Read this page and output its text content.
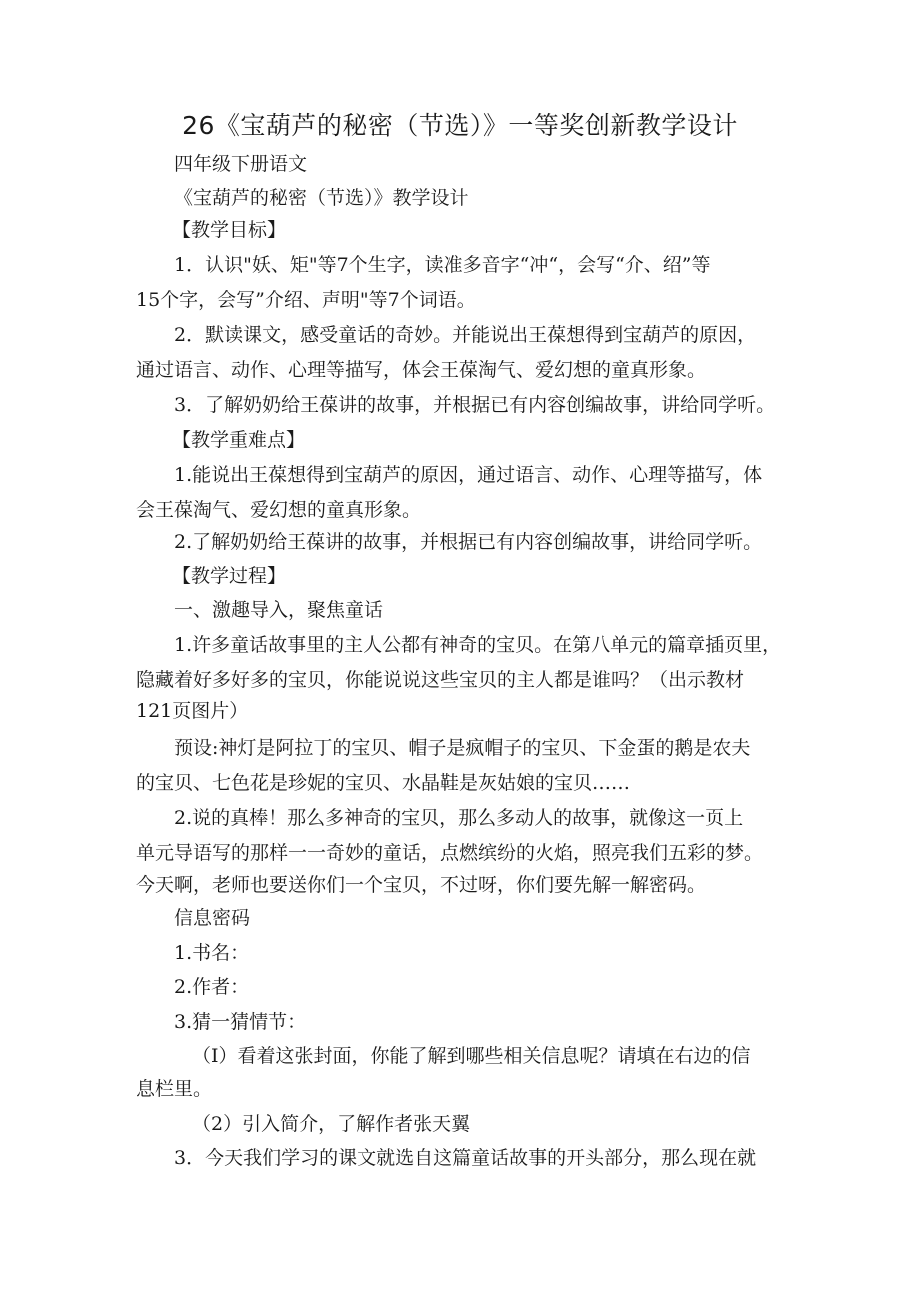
26《宝葫芦的秘密（节选）》一等奖创新教学设计
四年级下册语文
《宝葫芦的秘密（节选）》教学设计
【教学目标】
1．认识"妖、矩"等7个生字，读准多音字“冲“，会写“介、绍”等
15个字，会写”介绍、声明"等7个词语。
2．默读课文，感受童话的奇妙。并能说出王葆想得到宝葫芦的原因，
通过语言、动作、心理等描写，体会王葆淘气、爱幻想的童真形象。
3．了解奶奶给王葆讲的故事，并根据已有内容创编故事，讲给同学听。
【教学重难点】
1.能说出王葆想得到宝葫芦的原因，通过语言、动作、心理等描写，体
会王葆淘气、爱幻想的童真形象。
2.了解奶奶给王葆讲的故事，并根据已有内容创编故事，讲给同学听。
【教学过程】
一、激趣导入，聚焦童话
1.许多童话故事里的主人公都有神奇的宝贝。在第八单元的篇章插页里，
隐藏着好多好多的宝贝，你能说说这些宝贝的主人都是谁吗？（出示教材
121页图片）
预设:神灯是阿拉丁的宝贝、帽子是疯帽子的宝贝、下金蛋的鹅是农夫
的宝贝、七色花是珍妮的宝贝、水晶鞋是灰姑娘的宝贝……
2.说的真棒！那么多神奇的宝贝，那么多动人的故事，就像这一页上
单元导语写的那样一一奇妙的童话，点燃缤纷的火焰，照亮我们五彩的梦。
今天啊，老师也要送你们一个宝贝，不过呀，你们要先解一解密码。
信息密码
1.书名：
2.作者：
3.猜一猜情节：
（I）看着这张封面，你能了解到哪些相关信息呢？请填在右边的信
息栏里。
（2）引入简介，了解作者张天翼
3．今天我们学习的课文就选自这篇童话故事的开头部分，那么现在就
